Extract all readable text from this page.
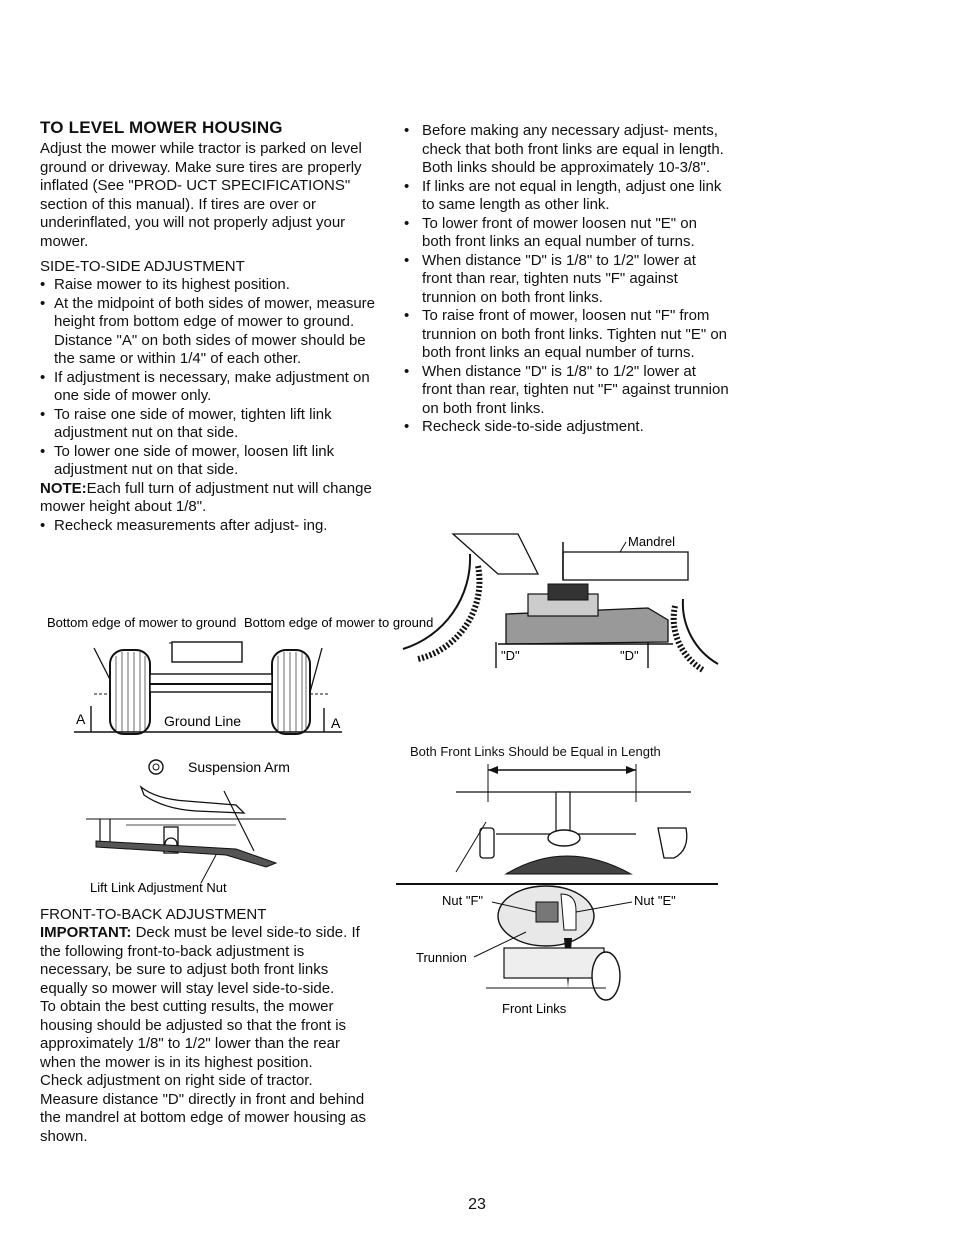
TO LEVEL MOWER HOUSING

Adjust the mower while tractor is parked on level ground or driveway. Make sure tires are properly inflated (See "PROD- UCT SPECIFICATIONS" section of this manual). If tires are over or underinflated, you will not properly adjust your mower.

SIDE-TO-SIDE ADJUSTMENT
• Raise mower to its highest position.
• At the midpoint of both sides of mower, measure height from bottom edge of mower to ground. Distance "A" on both sides of mower should be the same or within 1/4" of each other.
• If adjustment is necessary, make adjustment on one side of mower only.
• To raise one side of mower, tighten lift link adjustment nut on that side.
• To lower one side of mower, loosen lift link adjustment nut on that side.

NOTE:Each full turn of adjustment nut will change mower height about 1/8".

• Recheck measurements after adjust- ing.
Bottom edge of mower to ground Bottom edge of mower to ground
Ground Line
A	A
Suspension Arm
Lift Link Adjustment Nut
FRONT-TO-BACK ADJUSTMENT

IMPORTANT: Deck must be level side-to side. If the following front-to-back adjustment is necessary, be sure to adjust both front links equally so mower will stay level side-to-side.

To obtain the best cutting results, the mower housing should be adjusted so that the front is approximately 1/8" to 1/2" lower than the rear when the mower is in its highest position.

Check adjustment on right side of tractor. Measure distance "D" directly in front and behind the mandrel at bottom edge of mower housing as shown.

• Before making any necessary adjust- ments, check that both front links are equal in length. Both links should be approximately 10-3/8".
• If links are not equal in length, adjust one link to same length as other link.
• To lower front of mower loosen nut "E" on both front links an equal number of turns.
• When distance "D" is 1/8" to 1/2" lower at front than rear, tighten nuts "F" against trunnion on both front links.
• To raise front of mower, loosen nut "F" from trunnion on both front links. Tighten nut "E" on both front links an equal number of turns.
• When distance "D" is 1/8" to 1/2" lower at front than rear, tighten nut "F" against trunnion on both front links.
• Recheck side-to-side adjustment.
Mandrel
"D"	"D"
Both Front Links Should be Equal in Length
Nut "F"	Nut "E"
Trunnion
Front Links
23
